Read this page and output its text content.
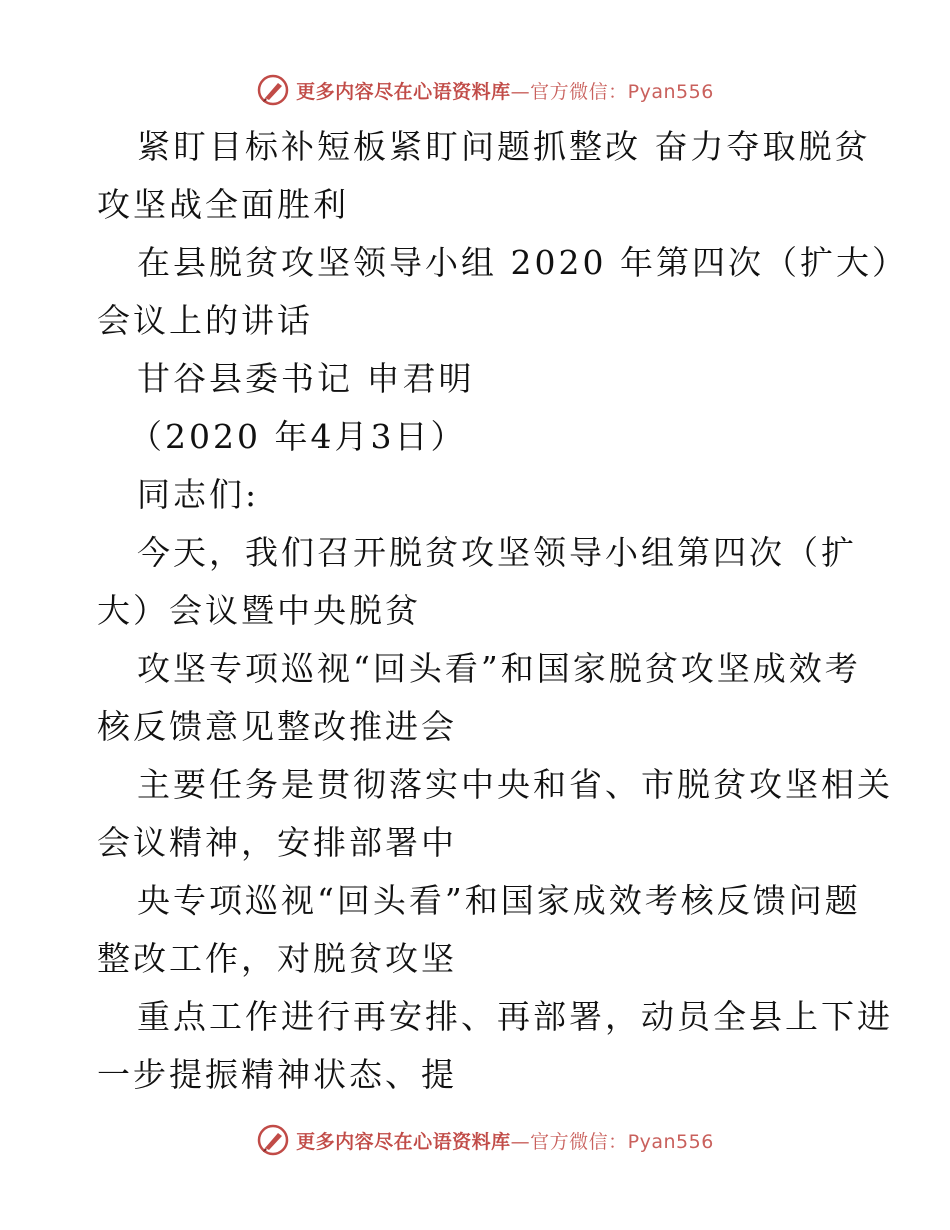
更多内容尽在心语资料库—官方微信：Pyan556
紧盯目标补短板紧盯问题抓整改 奋力夺取脱贫
攻坚战全面胜利
在县脱贫攻坚领导小组 2020 年第四次（扩大）
会议上的讲话
甘谷县委书记 申君明
（2020 年4月3日）
同志们:
今天，我们召开脱贫攻坚领导小组第四次（扩
大）会议暨中央脱贫
攻坚专项巡视“回头看”和国家脱贫攻坚成效考
核反馈意见整改推进会
主要任务是贯彻落实中央和省、市脱贫攻坚相关
会议精神，安排部署中
央专项巡视“回头看”和国家成效考核反馈问题
整改工作，对脱贫攻坚
重点工作进行再安排、再部署，动员全县上下进
一步提振精神状态、提
更多内容尽在心语资料库—官方微信：Pyan556
